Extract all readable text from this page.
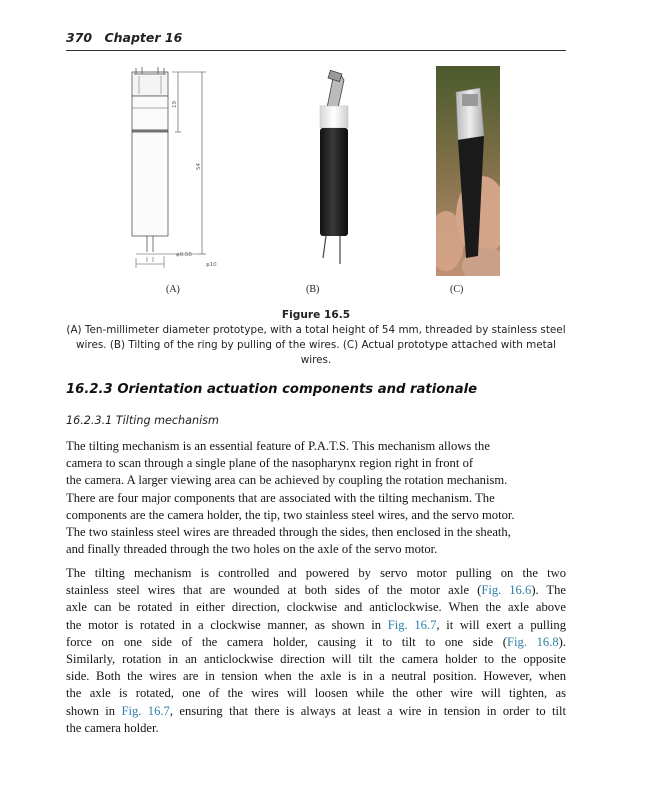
370 Chapter 16
19
54
φ0.50
φ10
(A)	(B)	(C)
Figure 16.5
(A) Ten-millimeter diameter prototype, with a total height of 54 mm, threaded by stainless steel
wires. (B) Tilting of the ring by pulling of the wires. (C) Actual prototype attached with metal
wires.
16.2.3 Orientation actuation components and rationale
16.2.3.1 Tilting mechanism
The tilting mechanism is an essential feature of P.A.T.S. This mechanism allows the
camera to scan through a single plane of the nasopharynx region right in front of
the camera. A larger viewing area can be achieved by coupling the rotation mechanism.
There are four major components that are associated with the tilting mechanism. The
components are the camera holder, the tip, two stainless steel wires, and the servo motor.
The two stainless steel wires are threaded through the sides, then enclosed in the sheath,
and finally threaded through the two holes on the axle of the servo motor.
The tilting mechanism is controlled and powered by servo motor pulling on the two
stainless steel wires that are wounded at both sides of the motor axle (Fig. 16.6). The
axle can be rotated in either direction, clockwise and anticlockwise. When the axle above
the motor is rotated in a clockwise manner, as shown in Fig. 16.7, it will exert a pulling
force on one side of the camera holder, causing it to tilt to one side (Fig. 16.8).
Similarly, rotation in an anticlockwise direction will tilt the camera holder to the opposite
side. Both the wires are in tension when the axle is in a neutral position. However, when
the axle is rotated, one of the wires will loosen while the other wire will tighten, as
shown in Fig. 16.7, ensuring that there is always at least a wire in tension in order to tilt
the camera holder.
